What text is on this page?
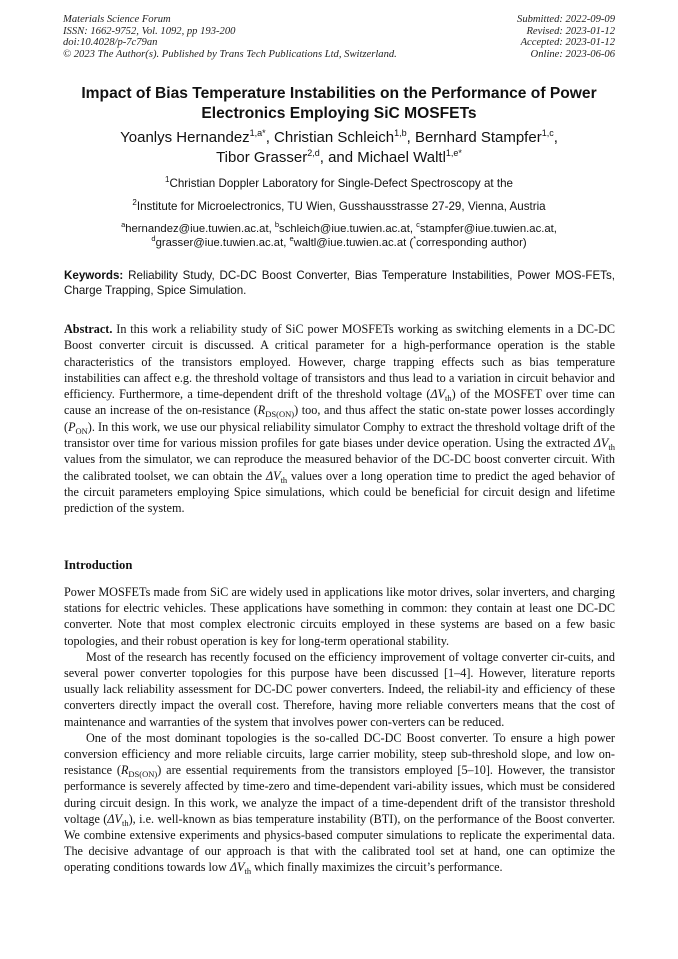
Materials Science Forum
ISSN: 1662-9752, Vol. 1092, pp 193-200
doi:10.4028/p-7c79an
© 2023 The Author(s). Published by Trans Tech Publications Ltd, Switzerland.
Submitted: 2022-09-09
Revised: 2023-01-12
Accepted: 2023-01-12
Online: 2023-06-06
Impact of Bias Temperature Instabilities on the Performance of Power Electronics Employing SiC MOSFETs
Yoanlys Hernandez$^{1,a*}$, Christian Schleich$^{1,b}$, Bernhard Stampfer$^{1,c}$,
Tibor Grasser$^{2,d}$, and Michael Waltl$^{1,e*}$
$^1$Christian Doppler Laboratory for Single-Defect Spectroscopy at the
$^2$Institute for Microelectronics, TU Wien, Gusshausstrasse 27-29, Vienna, Austria
$^a$hernandez@iue.tuwien.ac.at, $^b$schleich@iue.tuwien.ac.at, $^c$stampfer@iue.tuwien.ac.at,
$^d$grasser@iue.tuwien.ac.at, $^e$waltl@iue.tuwien.ac.at (*corresponding author)
Keywords: Reliability Study, DC-DC Boost Converter, Bias Temperature Instabilities, Power MOS-FETs, Charge Trapping, Spice Simulation.
Abstract. In this work a reliability study of SiC power MOSFETs working as switching elements in a DC-DC Boost converter circuit is discussed. A critical parameter for a high-performance operation is the stable characteristics of the transistors employed. However, charge trapping effects such as bias temperature instabilities can affect e.g. the threshold voltage of transistors and thus lead to a variation in circuit behavior and efficiency. Furthermore, a time-dependent drift of the threshold voltage $(\Delta V_{th})$ of the MOSFET over time can cause an increase of the on-resistance $(R_{DS(ON)})$ too, and thus affect the static on-state power losses accordingly $(P_{ON})$. In this work, we use our physical reliability simulator Comphy to extract the threshold voltage drift of the transistor over time for various mission profiles for gate biases under device operation. Using the extracted $\Delta V_{th}$ values from the simulator, we can reproduce the measured behavior of the DC-DC boost converter circuit. With the calibrated toolset, we can obtain the $\Delta V_{th}$ values over a long operation time to predict the aged behavior of the circuit parameters employing Spice simulations, which could be beneficial for circuit design and lifetime prediction of the system.
Introduction

Power MOSFETs made from SiC are widely used in applications like motor drives, solar inverters, and charging stations for electric vehicles. These applications have something in common: they contain at least one DC-DC converter. Note that most complex electronic circuits employed in these systems are based on a few basic topologies, and their robust operation is key for long-term operational stability.

Most of the research has recently focused on the efficiency improvement of voltage converter cir-cuits, and several power converter topologies for this purpose have been discussed [1–4]. However, literature reports usually lack reliability assessment for DC-DC power converters. Indeed, the reliabil-ity and efficiency of these converters directly impact the overall cost. Therefore, having more reliable converters means that the cost of maintenance and warranties of the system that involves power con-verters can be reduced.

One of the most dominant topologies is the so-called DC-DC Boost converter. To ensure a high power conversion efficiency and more reliable circuits, large carrier mobility, steep sub-threshold slope, and low on-resistance $(R_{DS(ON)})$ are essential requirements from the transistors employed [5–10]. However, the transistor performance is severely affected by time-zero and time-dependent vari-ability issues, which must be considered during circuit design. In this work, we analyze the impact of a time-dependent drift of the transistor threshold voltage $(\Delta V_{th})$, i.e. well-known as bias temperature instability (BTI), on the performance of the Boost converter. We combine extensive experiments and physics-based computer simulations to replicate the experimental data. The decisive advantage of our approach is that with the calibrated tool set at hand, one can optimize the operating conditions towards low $\Delta V_{th}$ which finally maximizes the circuit’s performance.
